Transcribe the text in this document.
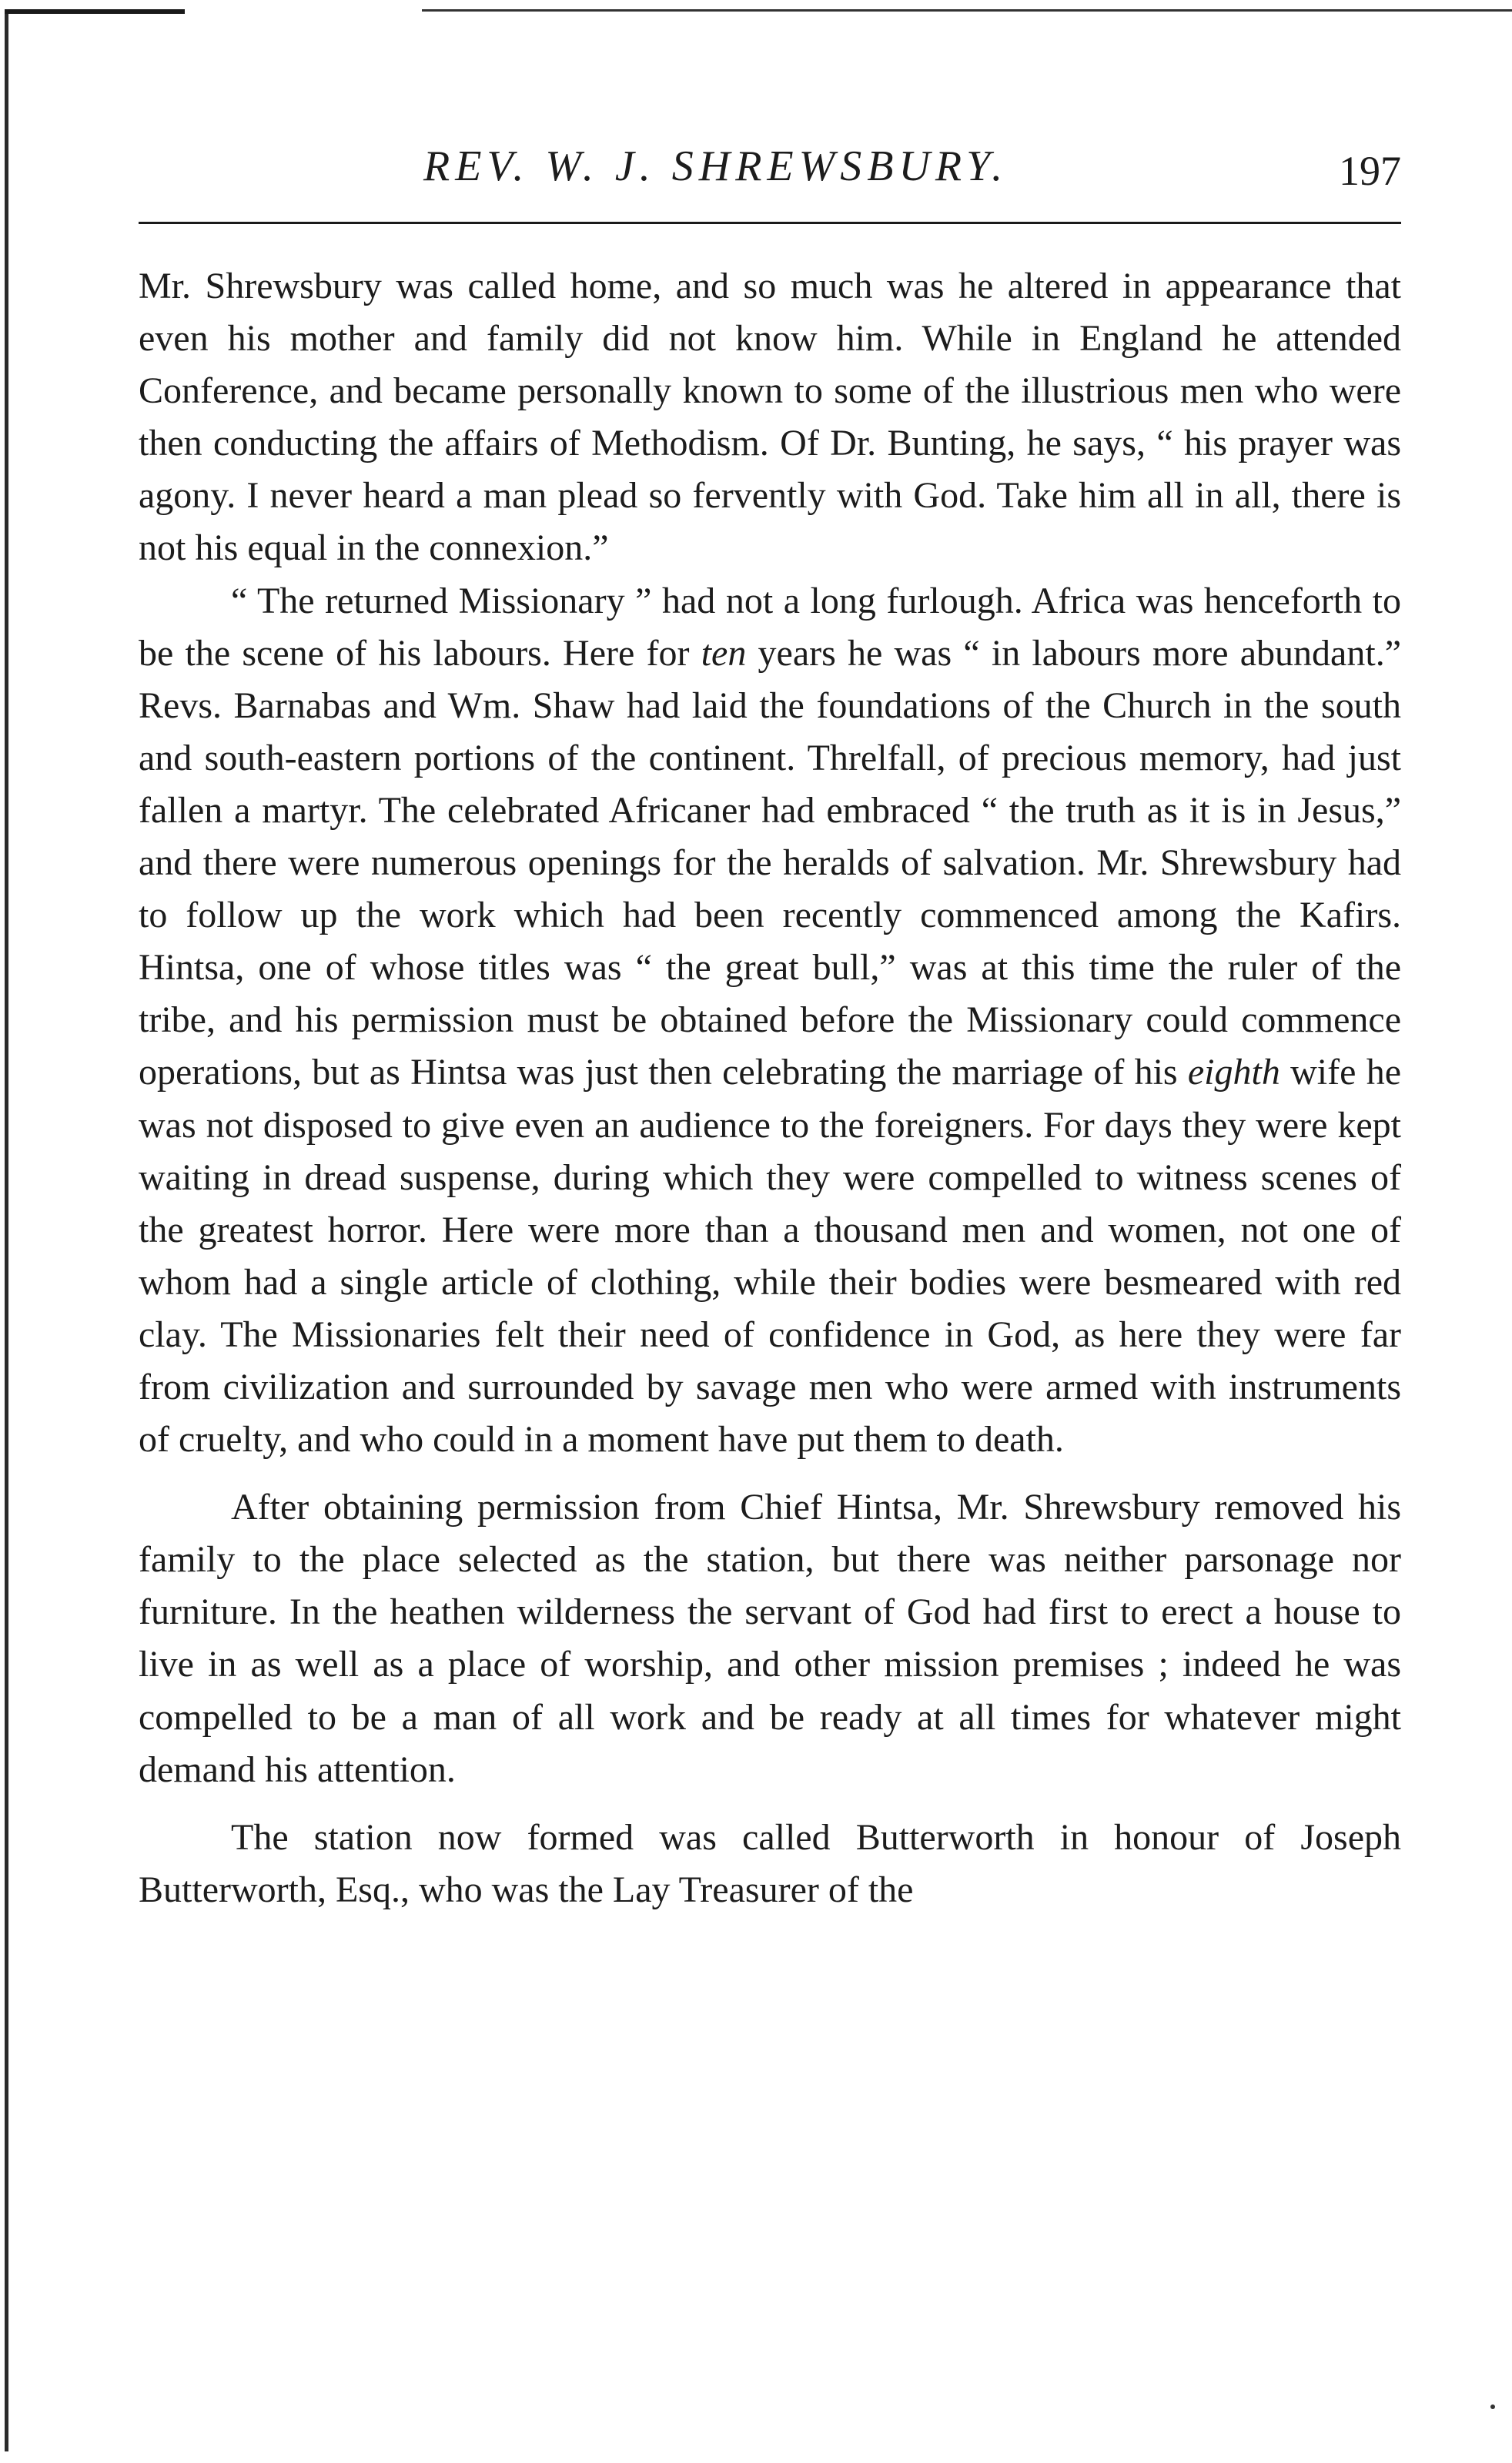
REV. W. J. SHREWSBURY.	197

Mr. Shrewsbury was called home, and so much was he altered in appearance that even his mother and family did not know him. While in England he attended Conference, and became personally known to some of the illustrious men who were then conducting the affairs of Methodism. Of Dr. Bunting, he says, “ his prayer was agony. I never heard a man plead so fervently with God. Take him all in all, there is not his equal in the connexion.”

“ The returned Missionary ” had not a long furlough. Africa was henceforth to be the scene of his labours. Here for ten years he was “ in labours more abundant.” Revs. Barnabas and Wm. Shaw had laid the foundations of the Church in the south and south-eastern portions of the continent. Threlfall, of precious memory, had just fallen a martyr. The celebrated Africaner had embraced “ the truth as it is in Jesus,” and there were numerous openings for the heralds of salvation. Mr. Shrewsbury had to follow up the work which had been recently commenced among the Kafirs. Hintsa, one of whose titles was “ the great bull,” was at this time the ruler of the tribe, and his permission must be obtained before the Missionary could commence operations, but as Hintsa was just then celebrating the marriage of his eighth wife he was not disposed to give even an audience to the foreigners. For days they were kept waiting in dread suspense, during which they were compelled to witness scenes of the greatest horror. Here were more than a thousand men and women, not one of whom had a single article of clothing, while their bodies were besmeared with red clay. The Missionaries felt their need of confidence in God, as here they were far from civilization and surrounded by savage men who were armed with instruments of cruelty, and who could in a moment have put them to death.

After obtaining permission from Chief Hintsa, Mr. Shrewsbury removed his family to the place selected as the station, but there was neither parsonage nor furniture. In the heathen wilderness the servant of God had first to erect a house to live in as well as a place of worship, and other mission premises ; indeed he was compelled to be a man of all work and be ready at all times for whatever might demand his attention.

The station now formed was called Butterworth in honour of Joseph Butterworth, Esq., who was the Lay Treasurer of the
